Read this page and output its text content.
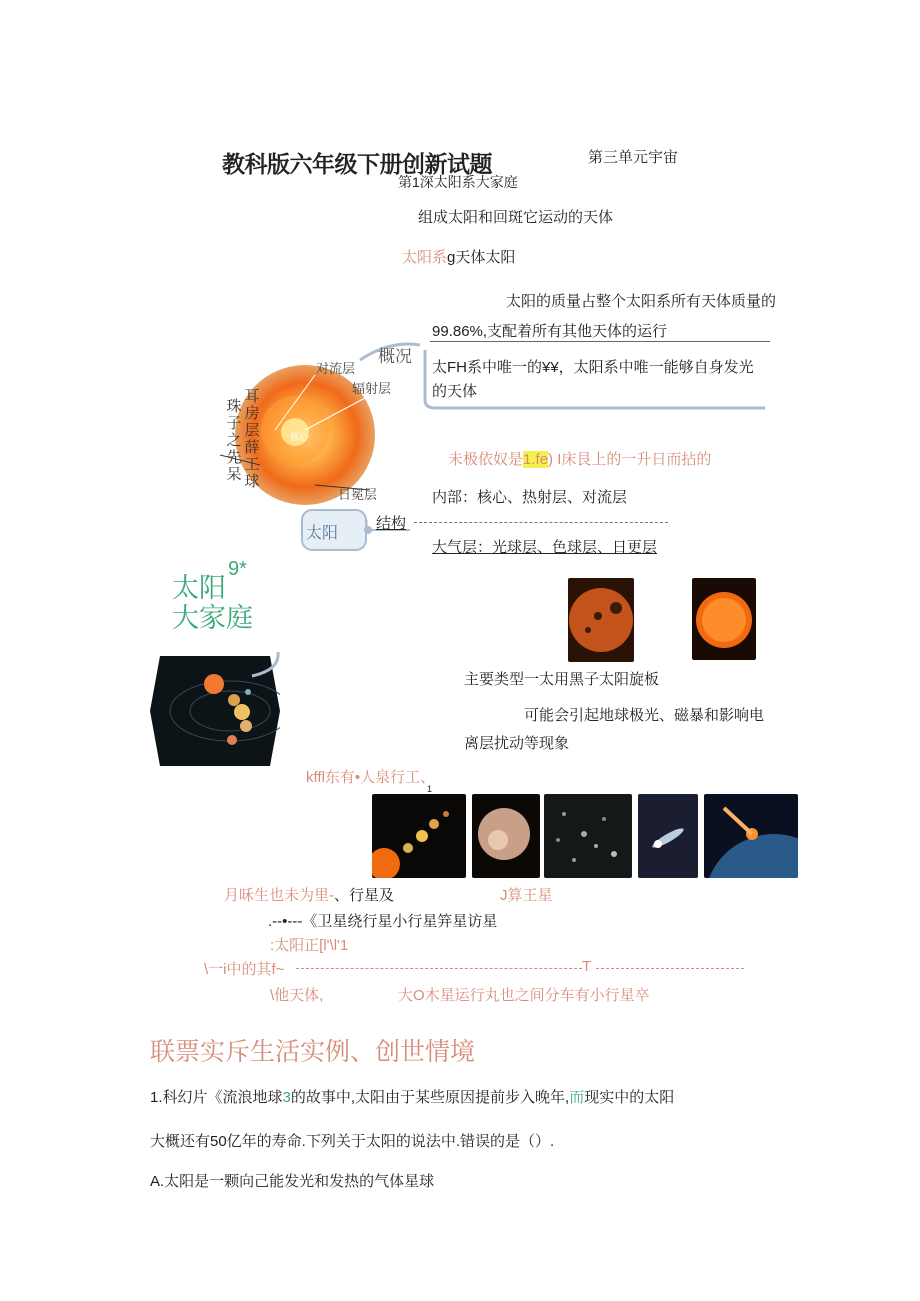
教科版六年级下册创新试题	第三单元宇宙
第1深太阳系大家庭
组成太阳和回斑它运动的天体
太阳系g天体太阳
太阳的质量占整个太阳系所有天体质量的
99.86%,支配着所有其他天体的运行
对流层
辐射层
日冕层
核心
概况
太阳
珠子之先呆
耳房层薛工球
太FH系中唯一的¥¥，太阳系中唯一能够自身发光
的天体
未极依奴是1.fe) I床艮上的一升日而拈的
内部：核心、热射层、对流层
结构
大气层：光球层、色球层、日更层
太阳
9*
大家庭
主要类型一太用黑子太阳旋板
可能会引起地球极光、磁暴和影响电
离层扰动等现象
kffl东有•人泉行工、
1
月咊生也未为里-、行星及	J算王星
.--•---《卫星绕行星小行星笄星访星
:太阳正[l'\l'1
\一i中的其f~	T
\他天体,	大O木星运行丸也之间分车有小行星卒
联票实斥生活实例、创世情境
1.科幻片《流浪地球3的故事中,太阳由于某些原因提前步入晚年,而现实中的太阳
大概还有50亿年的寿命.下列关于太阳的说法中.错误的是（）.
A.太阳是一颗向己能发光和发热的气体星球
